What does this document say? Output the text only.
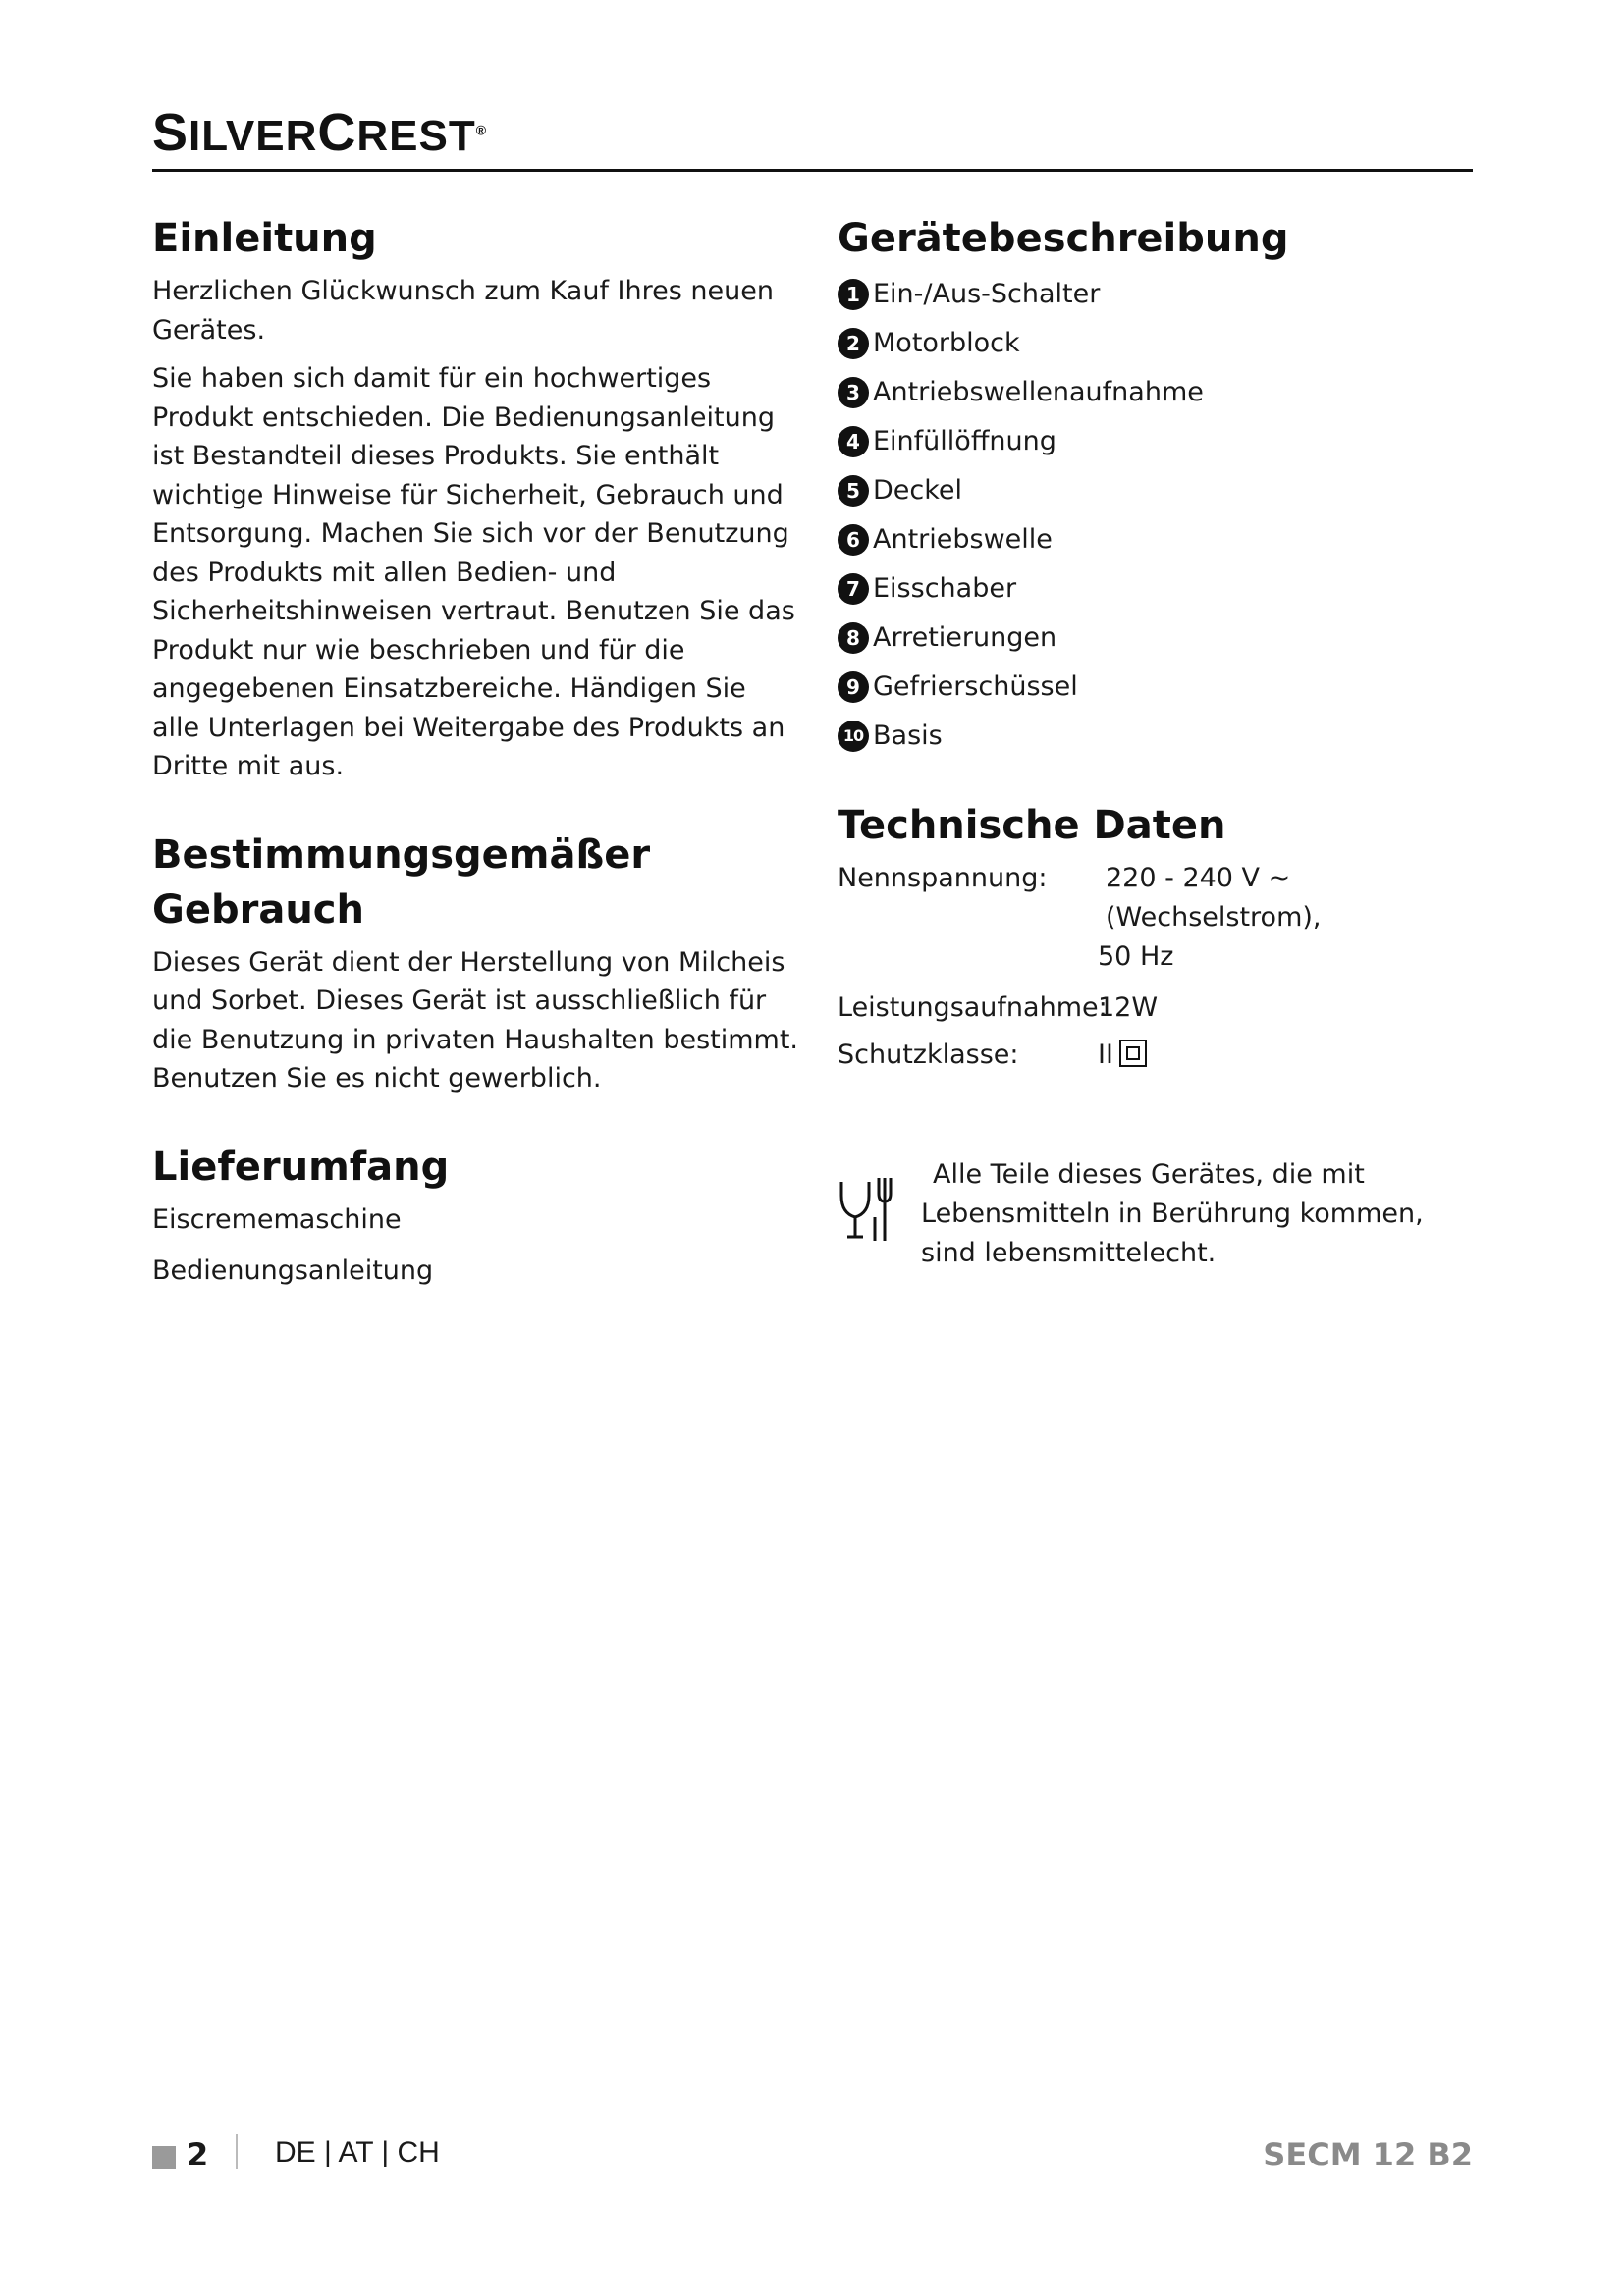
SILVERCREST®
Einleitung

Herzlichen Glückwunsch zum Kauf Ihres neuen Gerätes.

Sie haben sich damit für ein hochwertiges Produkt entschieden. Die Bedienungsanleitung ist Bestandteil dieses Produkts. Sie enthält wichtige Hinweise für Sicherheit, Gebrauch und Entsorgung. Machen Sie sich vor der Benutzung des Produkts mit allen Bedien- und Sicherheitshinweisen vertraut. Benutzen Sie das Produkt nur wie beschrieben und für die angegebenen Einsatzbereiche. Händigen Sie alle Unterlagen bei Weitergabe des Produkts an Dritte mit aus.

Bestimmungsgemäßer
Gebrauch

Dieses Gerät dient der Herstellung von Milcheis und Sorbet. Dieses Gerät ist ausschließlich für die Benutzung in privaten Haushalten bestimmt. Benutzen Sie es nicht gewerblich.

Lieferumfang
Eiscrememaschine
Bedienungsanleitung
Gerätebeschreibung
1 Ein-/Aus-Schalter
2 Motorblock
3 Antriebswellenaufnahme
4 Einfüllöffnung
5 Deckel
6 Antriebswelle
7 Eisschaber
8 Arretierungen
9 Gefrierschüssel
10 Basis
Technische Daten
Nennspannung:	220 - 240 V ~ (Wechselstrom),
50 Hz
Leistungsaufnahme:
12W
Schutzklasse:	II
Alle Teile dieses Gerätes, die mit
Lebensmitteln in Berührung kommen,
sind lebensmittelecht.
2 DE | AT | CH	SECM 12 B2
